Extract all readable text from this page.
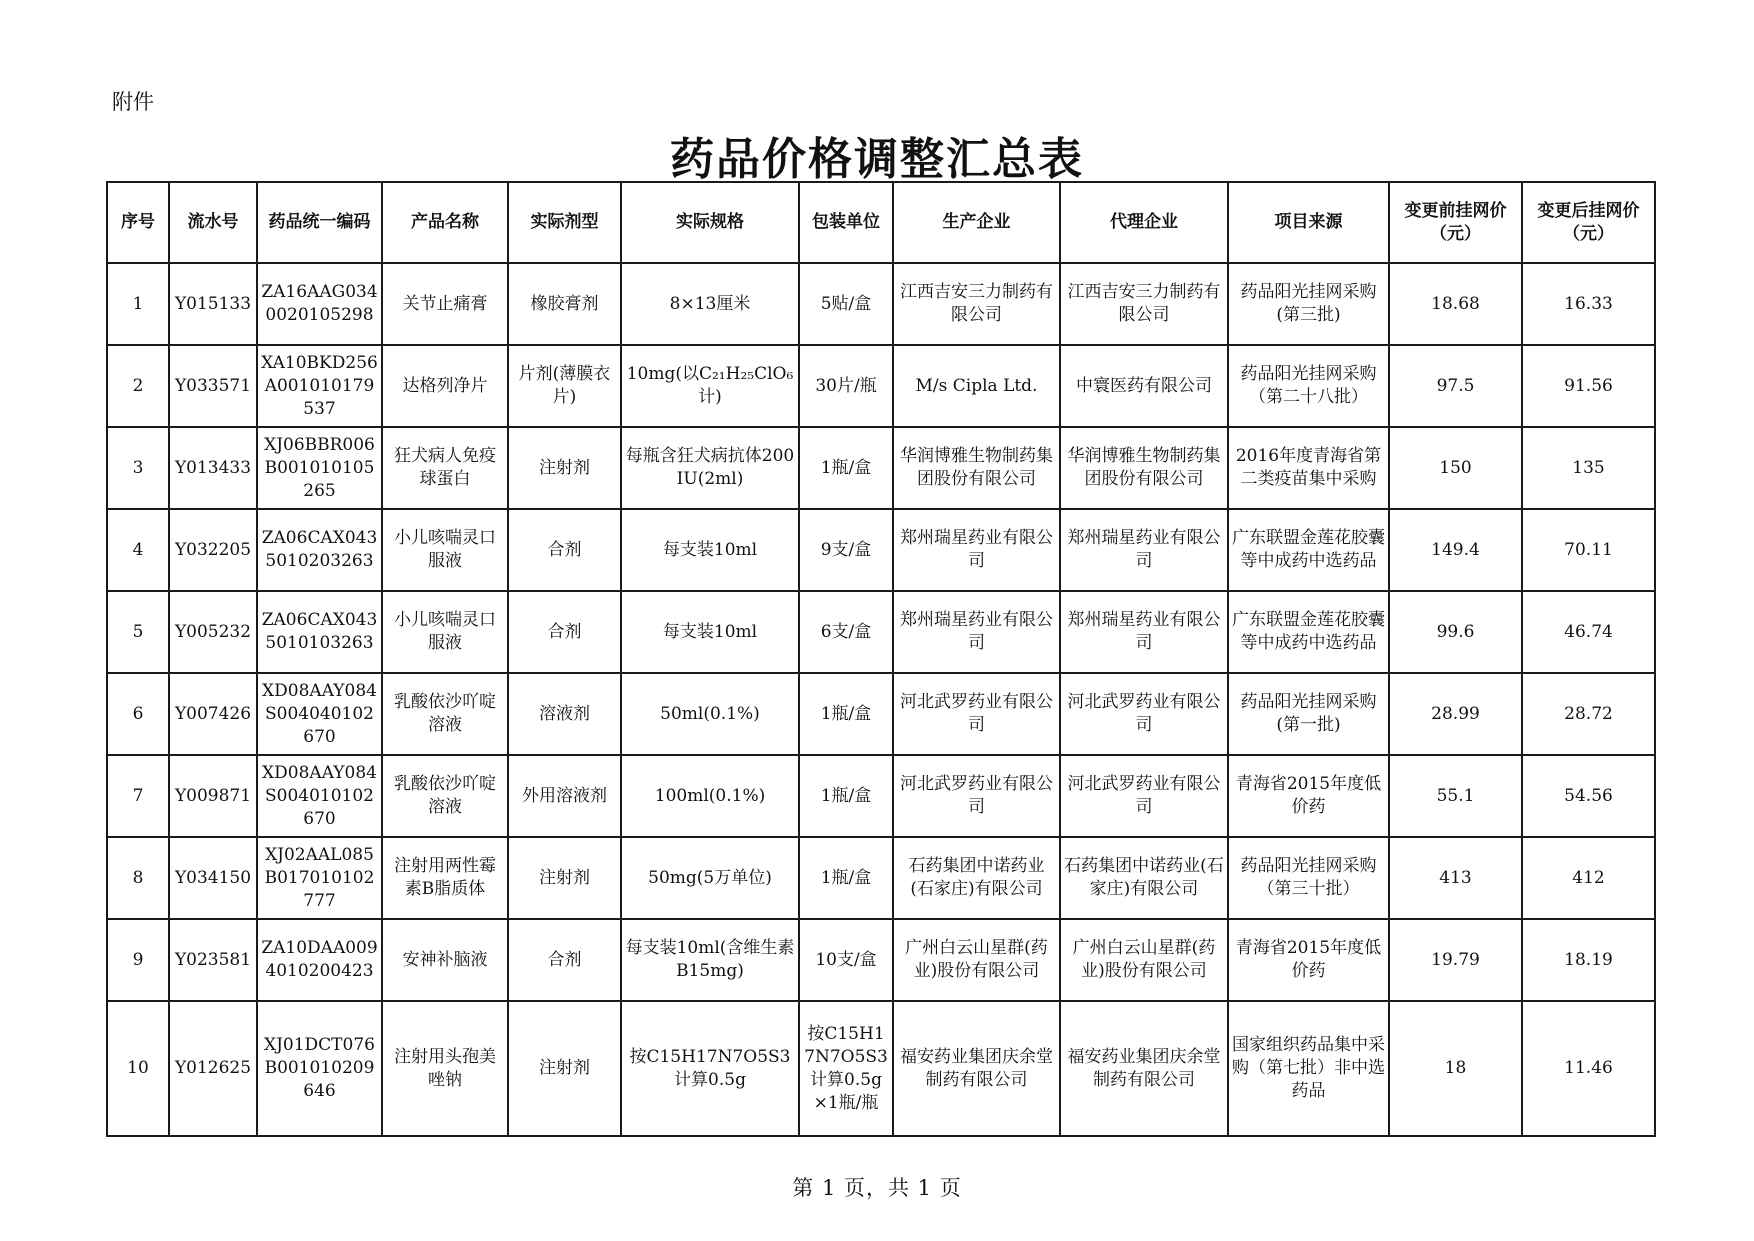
附件
药品价格调整汇总表
序号	流水号	药品统一编码	产品名称	实际剂型	实际规格	包装单位	生产企业	代理企业	项目来源	变更前挂网价（元）	变更后挂网价（元）
1	Y015133	ZA16AAG0340020105298	关节止痛膏	橡胶膏剂	8×13厘米	5贴/盒	江西吉安三力制药有限公司	江西吉安三力制药有限公司	药品阳光挂网采购(第三批)	18.68	16.33
2	Y033571	XA10BKD256A001010179537	达格列净片	片剂(薄膜衣片)	10mg(以C₂₁H₂₅ClO₆计)	30片/瓶	M/s Cipla Ltd.	中寰医药有限公司	药品阳光挂网采购（第二十八批）	97.5	91.56
3	Y013433	XJ06BBR006B001010105265	狂犬病人免疫球蛋白	注射剂	每瓶含狂犬病抗体200IU(2ml)	1瓶/盒	华润博雅生物制药集团股份有限公司	华润博雅生物制药集团股份有限公司	2016年度青海省第二类疫苗集中采购	150	135
4	Y032205	ZA06CAX0435010203263	小儿咳喘灵口服液	合剂	每支装10ml	9支/盒	郑州瑞星药业有限公司	郑州瑞星药业有限公司	广东联盟金莲花胶囊等中成药中选药品	149.4	70.11
5	Y005232	ZA06CAX0435010103263	小儿咳喘灵口服液	合剂	每支装10ml	6支/盒	郑州瑞星药业有限公司	郑州瑞星药业有限公司	广东联盟金莲花胶囊等中成药中选药品	99.6	46.74
6	Y007426	XD08AAY084S004040102670	乳酸依沙吖啶溶液	溶液剂	50ml(0.1%)	1瓶/盒	河北武罗药业有限公司	河北武罗药业有限公司	药品阳光挂网采购(第一批)	28.99	28.72
7	Y009871	XD08AAY084S004010102670	乳酸依沙吖啶溶液	外用溶液剂	100ml(0.1%)	1瓶/盒	河北武罗药业有限公司	河北武罗药业有限公司	青海省2015年度低价药	55.1	54.56
8	Y034150	XJ02AAL085B017010102777	注射用两性霉素B脂质体	注射剂	50mg(5万单位)	1瓶/盒	石药集团中诺药业(石家庄)有限公司	石药集团中诺药业(石家庄)有限公司	药品阳光挂网采购（第三十批）	413	412
9	Y023581	ZA10DAA0094010200423	安神补脑液	合剂	每支装10ml(含维生素B15mg)	10支/盒	广州白云山星群(药业)股份有限公司	广州白云山星群(药业)股份有限公司	青海省2015年度低价药	19.79	18.19
10	Y012625	XJ01DCT076B001010209646	注射用头孢美唑钠	注射剂	按C15H17N7O5S3计算0.5g	按C15H17N7O5S3计算0.5g×1瓶/瓶	福安药业集团庆余堂制药有限公司	福安药业集团庆余堂制药有限公司	国家组织药品集中采购（第七批）非中选药品	18	11.46
第 1 页，共 1 页
